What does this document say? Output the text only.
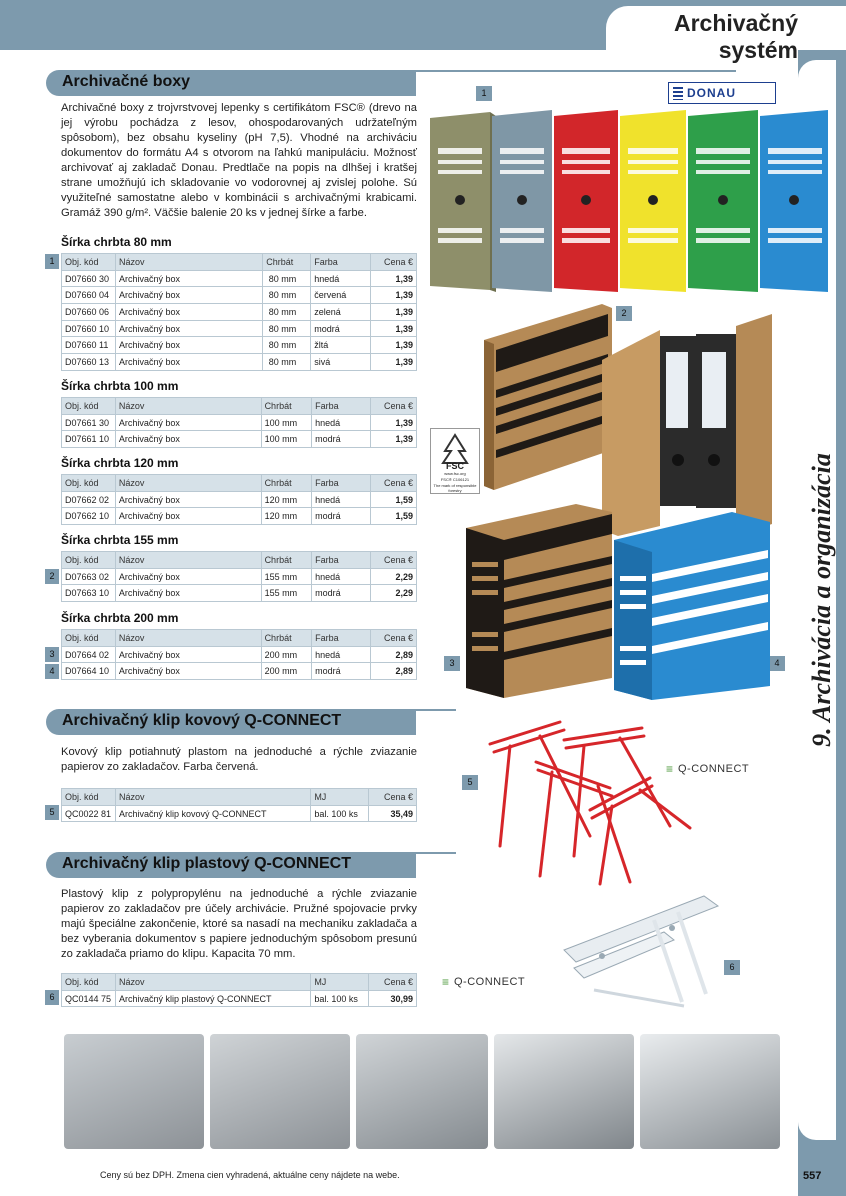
Archivačný systém
9. Archivácia a organizácia
Archivačné boxy
Archivačné boxy z trojvrstvovej lepenky s certifikátom FSC® (drevo na jej výrobu pochádza z lesov, ohospodarovaných udržateľným spôsobom), bez obsahu kyseliny (pH 7,5). Vhodné na archiváciu dokumentov do formátu A4 s otvorom na ľahkú manipuláciu. Možnosť archivovať aj zakladač Donau. Predtlače na popis na dlhšej i kratšej strane umožňujú ich skladovanie vo vodorovnej aj zvislej polohe. Sú využiteľné samostatne alebo v kombinácii s archivačnými krabicami. Gramáž 390 g/m². Väčšie balenie 20 ks v jednej šírke a farbe.
Šírka chrbta 80 mm
Obj. kód	Názov	Chrbát	Farba	Cena €
D07660 30	Archivačný box	80 mm	hnedá	1,39
D07660 04	Archivačný box	80 mm	červená	1,39
D07660 06	Archivačný box	80 mm	zelená	1,39
D07660 10	Archivačný box	80 mm	modrá	1,39
D07660 11	Archivačný box	80 mm	žltá	1,39
D07660 13	Archivačný box	80 mm	sivá	1,39
1
Šírka chrbta 100 mm
Obj. kód	Názov	Chrbát	Farba	Cena €
D07661 30	Archivačný box	100 mm	hnedá	1,39
D07661 10	Archivačný box	100 mm	modrá	1,39
Šírka chrbta 120 mm
Obj. kód	Názov	Chrbát	Farba	Cena €
D07662 02	Archivačný box	120 mm	hnedá	1,59
D07662 10	Archivačný box	120 mm	modrá	1,59
Šírka chrbta 155 mm
2
Obj. kód	Názov	Chrbát	Farba	Cena €
D07663 02	Archivačný box	155 mm	hnedá	2,29
D07663 10	Archivačný box	155 mm	modrá	2,29
Šírka chrbta 200 mm
3
4
Obj. kód	Názov	Chrbát	Farba	Cena €
D07664 02	Archivačný box	200 mm	hnedá	2,89
D07664 10	Archivačný box	200 mm	modrá	2,89
Archivačný klip kovový Q-CONNECT
Kovový klip potiahnutý plastom na jednoduché a rýchle zviazanie papierov zo zakladačov. Farba červená.
Obj. kód	Názov	MJ	Cena €
QC0022 81	Archivačný klip kovový Q-CONNECT	bal. 100 ks	35,49
5
Archivačný klip plastový Q-CONNECT
Plastový klip z polypropylénu na jednoduché a rýchle zviazanie papierov zo zakladačov pre účely archivácie. Pružné spojovacie prvky majú špeciálne zakončenie, ktoré sa nasadí na mechaniku zakladača a bez vyberania dokumentov s papiere jednoduchým spôsobom presunú zo zakladača priamo do klipu. Kapacita 70 mm.
Obj. kód	Názov	MJ	Cena €
QC0144 75	Archivačný klip plastový Q-CONNECT	bal. 100 ks	30,99
6
1
2
3	4
5
6
DONAU
FSC
www.fsc.org
FSC® C106121
The mark of responsible forestry
≡ Q-CONNECT
≡ Q-CONNECT
Ceny sú bez DPH. Zmena cien vyhradená, aktuálne ceny nájdete na webe.	557
